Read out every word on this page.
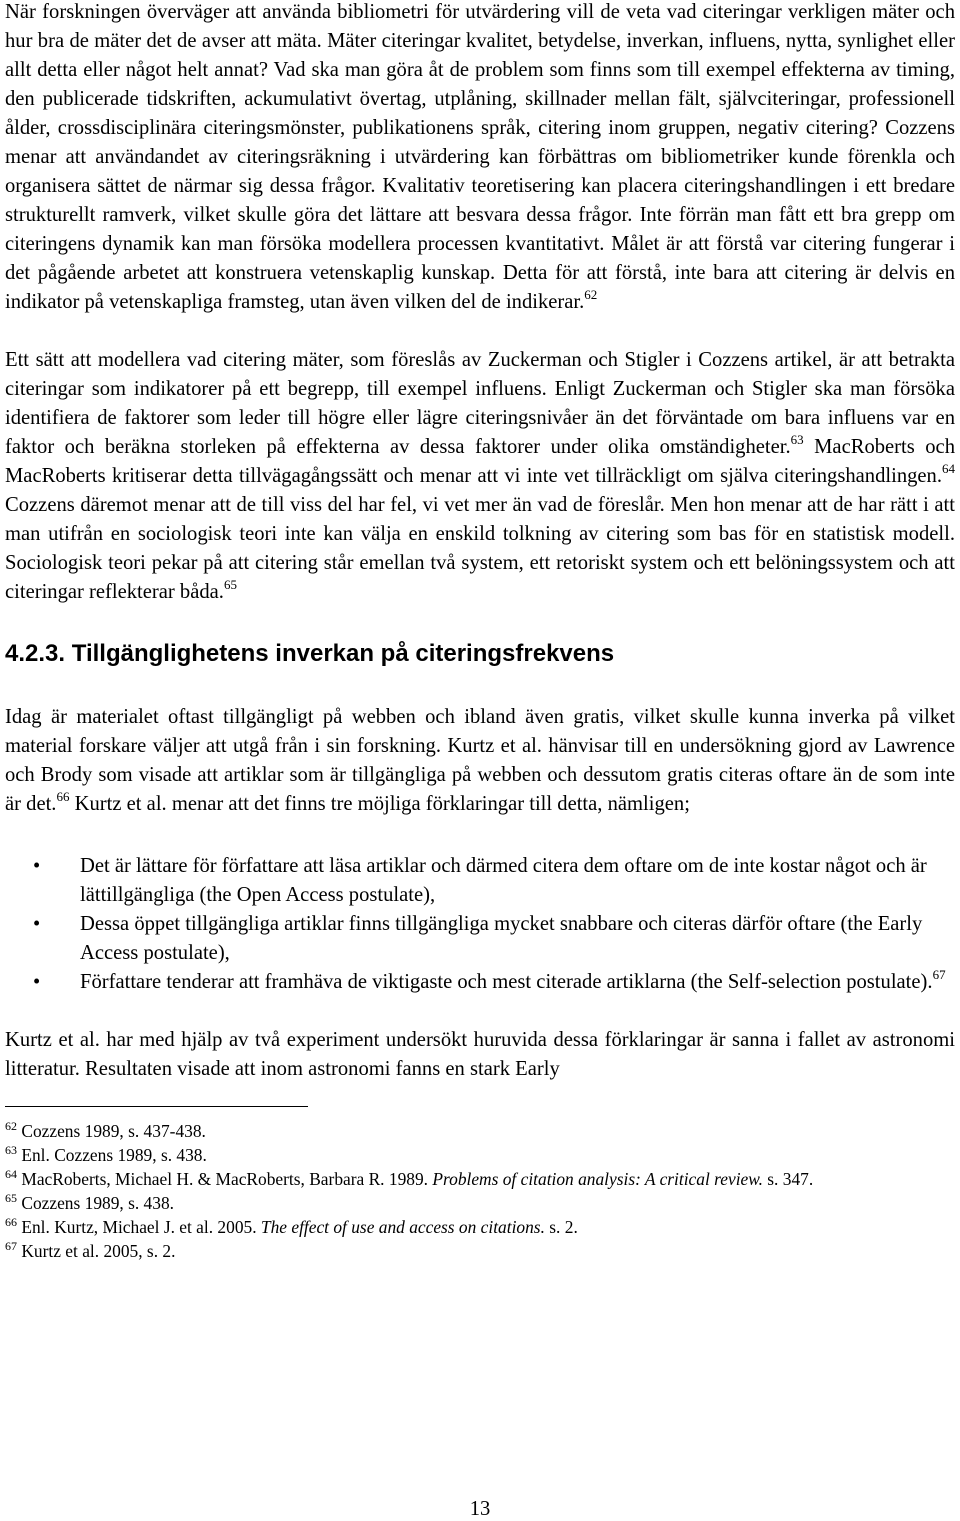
När forskningen överväger att använda bibliometri för utvärdering vill de veta vad citeringar verkligen mäter och hur bra de mäter det de avser att mäta. Mäter citeringar kvalitet, betydelse, inverkan, influens, nytta, synlighet eller allt detta eller något helt annat? Vad ska man göra åt de problem som finns som till exempel effekterna av timing, den publicerade tidskriften, ackumulativt övertag, utplåning, skillnader mellan fält, självciteringar, professionell ålder, crossdisciplinära citeringsmönster, publikationens språk, citering inom gruppen, negativ citering? Cozzens menar att användandet av citeringsräkning i utvärdering kan förbättras om bibliometriker kunde förenkla och organisera sättet de närmar sig dessa frågor. Kvalitativ teoretisering kan placera citeringshandlingen i ett bredare strukturellt ramverk, vilket skulle göra det lättare att besvara dessa frågor. Inte förrän man fått ett bra grepp om citeringens dynamik kan man försöka modellera processen kvantitativt. Målet är att förstå var citering fungerar i det pågående arbetet att konstruera vetenskaplig kunskap. Detta för att förstå, inte bara att citering är delvis en indikator på vetenskapliga framsteg, utan även vilken del de indikerar.$^{62}$

Ett sätt att modellera vad citering mäter, som föreslås av Zuckerman och Stigler i Cozzens artikel, är att betrakta citeringar som indikatorer på ett begrepp, till exempel influens. Enligt Zuckerman och Stigler ska man försöka identifiera de faktorer som leder till högre eller lägre citeringsnivåer än det förväntade om bara influens var en faktor och beräkna storleken på effekterna av dessa faktorer under olika omständigheter.$^{63}$ MacRoberts och MacRoberts kritiserar detta tillvägagångssätt och menar att vi inte vet tillräckligt om själva citeringshandlingen.$^{64}$ Cozzens däremot menar att de till viss del har fel, vi vet mer än vad de föreslår. Men hon menar att de har rätt i att man utifrån en sociologisk teori inte kan välja en enskild tolkning av citering som bas för en statistisk modell. Sociologisk teori pekar på att citering står emellan två system, ett retoriskt system och ett belöningssystem och att citeringar reflekterar båda.$^{65}$

4.2.3. Tillgänglighetens inverkan på citeringsfrekvens

Idag är materialet oftast tillgängligt på webben och ibland även gratis, vilket skulle kunna inverka på vilket material forskare väljer att utgå från i sin forskning. Kurtz et al. hänvisar till en undersökning gjord av Lawrence och Brody som visade att artiklar som är tillgängliga på webben och dessutom gratis citeras oftare än de som inte är det.$^{66}$ Kurtz et al. menar att det finns tre möjliga förklaringar till detta, nämligen;

• Det är lättare för författare att läsa artiklar och därmed citera dem oftare om de inte kostar något och är lättillgängliga (the Open Access postulate),
• Dessa öppet tillgängliga artiklar finns tillgängliga mycket snabbare och citeras därför oftare (the Early Access postulate),
• Författare tenderar att framhäva de viktigaste och mest citerade artiklarna (the Self-selection postulate).$^{67}$

Kurtz et al. har med hjälp av två experiment undersökt huruvida dessa förklaringar är sanna i fallet av astronomi litteratur. Resultaten visade att inom astronomi fanns en stark Early

$^{62}$ Cozzens 1989, s. 437-438.

$^{63}$ Enl. Cozzens 1989, s. 438.

$^{64}$ MacRoberts, Michael H. & MacRoberts, Barbara R. 1989. Problems of citation analysis: A critical review. s. 347.

$^{65}$ Cozzens 1989, s. 438.

$^{66}$ Enl. Kurtz, Michael J. et al. 2005. The effect of use and access on citations. s. 2.

$^{67}$ Kurtz et al. 2005, s. 2.

13
